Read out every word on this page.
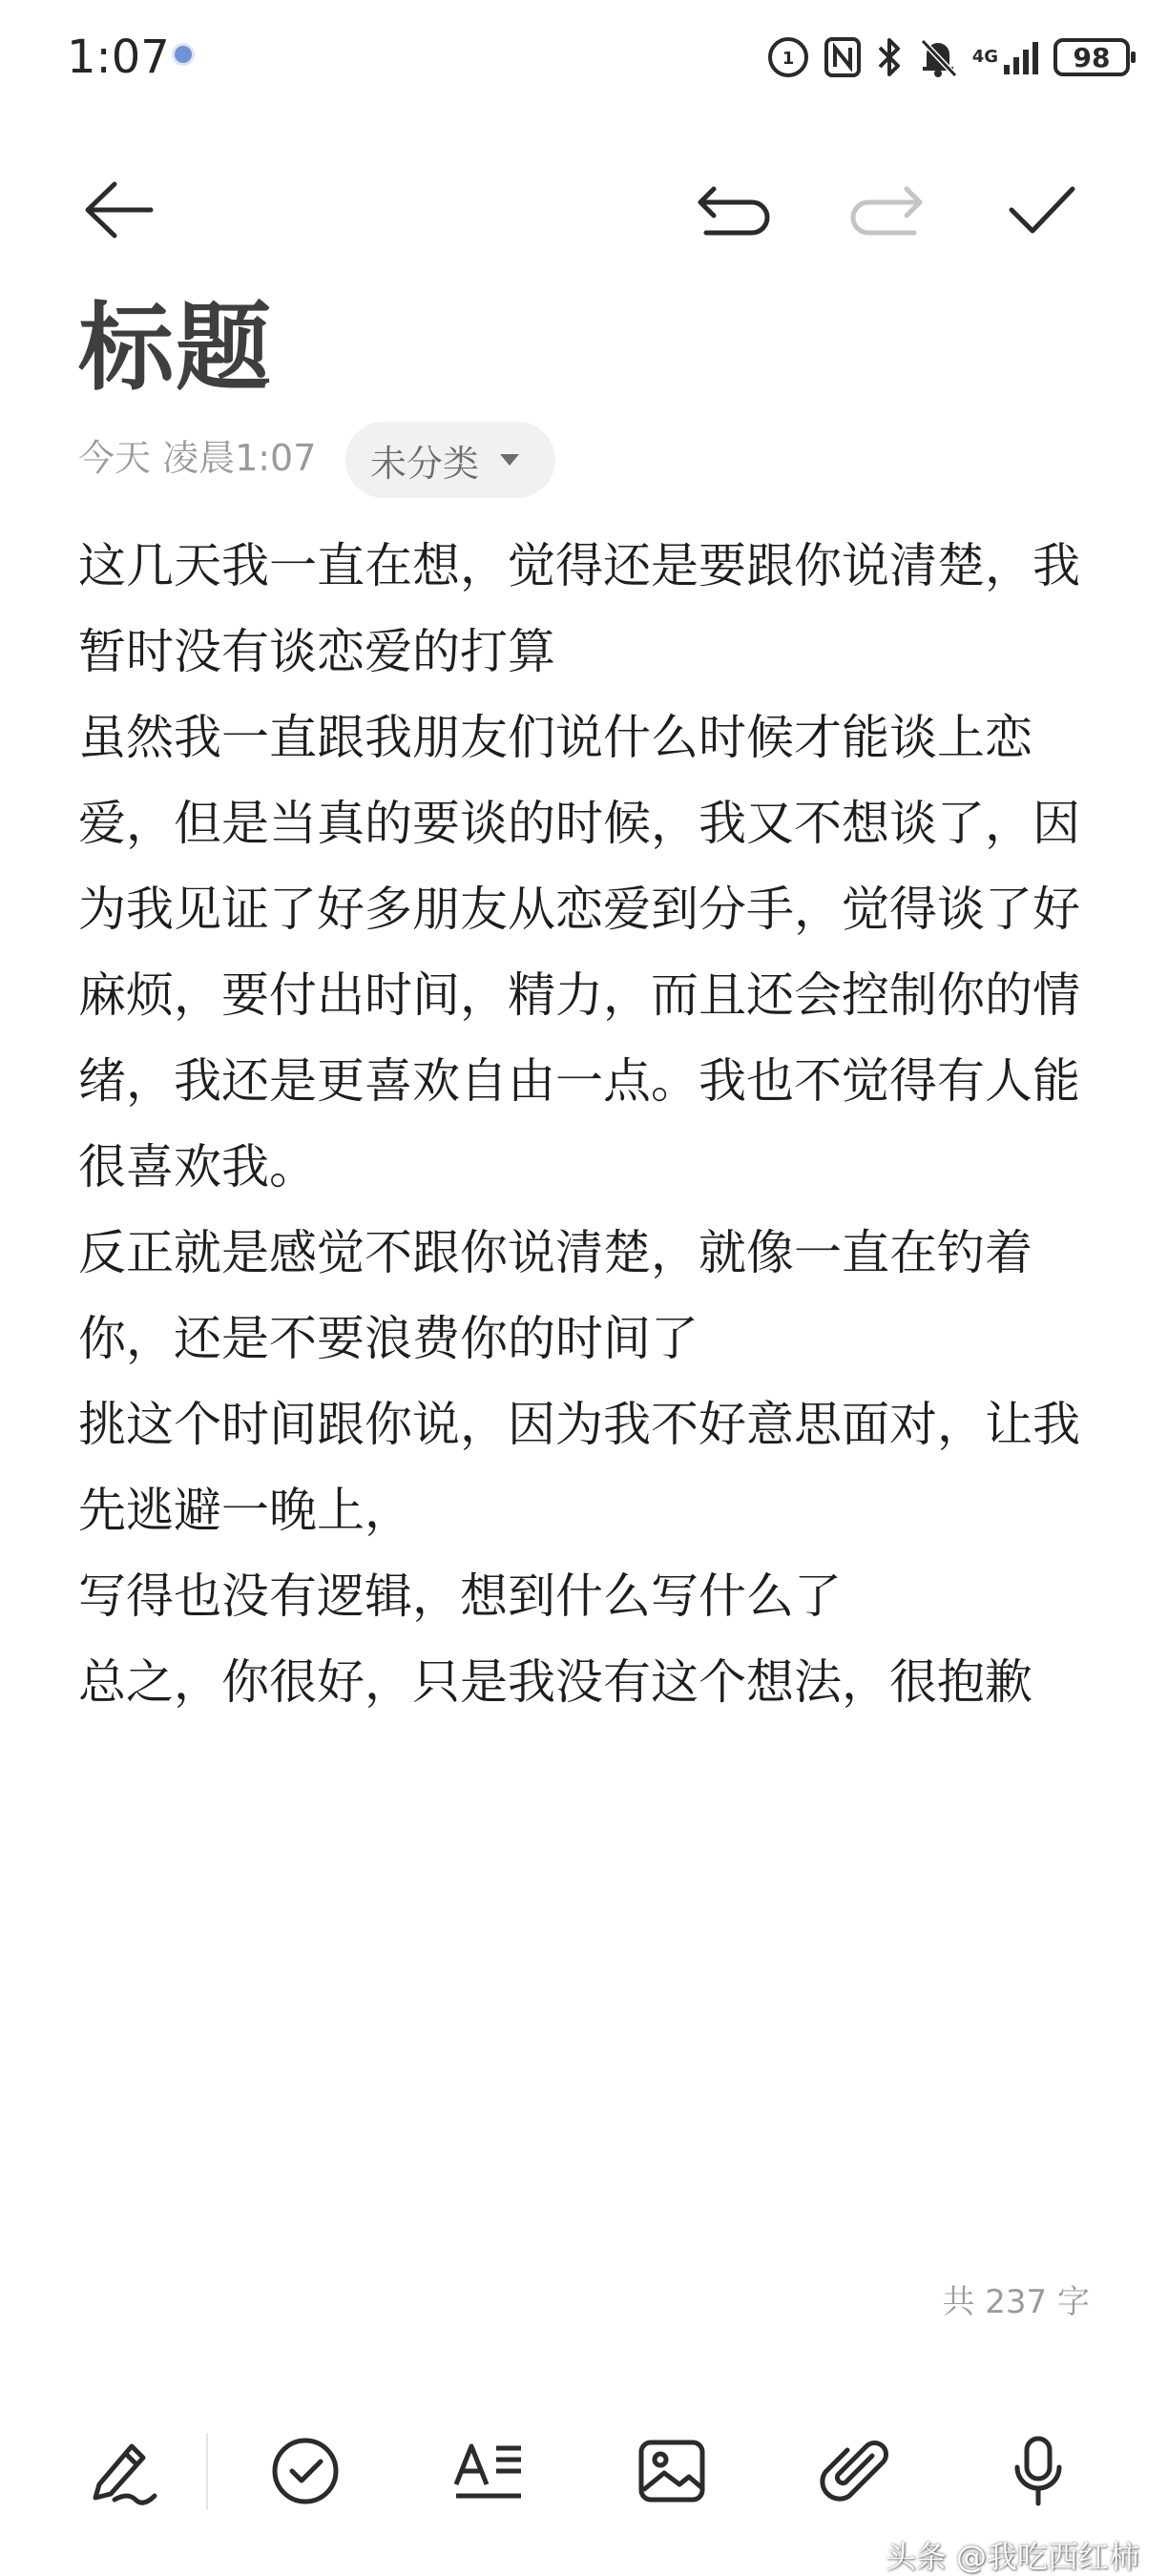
1:07	1	4G	98
标题
今天 凌晨1:07 未分类

这几天我一直在想，觉得还是要跟你说清楚，我暂时没有谈恋爱的打算

虽然我一直跟我朋友们说什么时候才能谈上恋爱，但是当真的要谈的时候，我又不想谈了，因为我见证了好多朋友从恋爱到分手，觉得谈了好麻烦，要付出时间，精力，而且还会控制你的情绪，我还是更喜欢自由一点。我也不觉得有人能很喜欢我。

反正就是感觉不跟你说清楚，就像一直在钓着你，还是不要浪费你的时间了

挑这个时间跟你说，因为我不好意思面对，让我先逃避一晚上，

写得也没有逻辑，想到什么写什么了

总之，你很好，只是我没有这个想法，很抱歉

共 237 字
头条 @我吃西红柿
